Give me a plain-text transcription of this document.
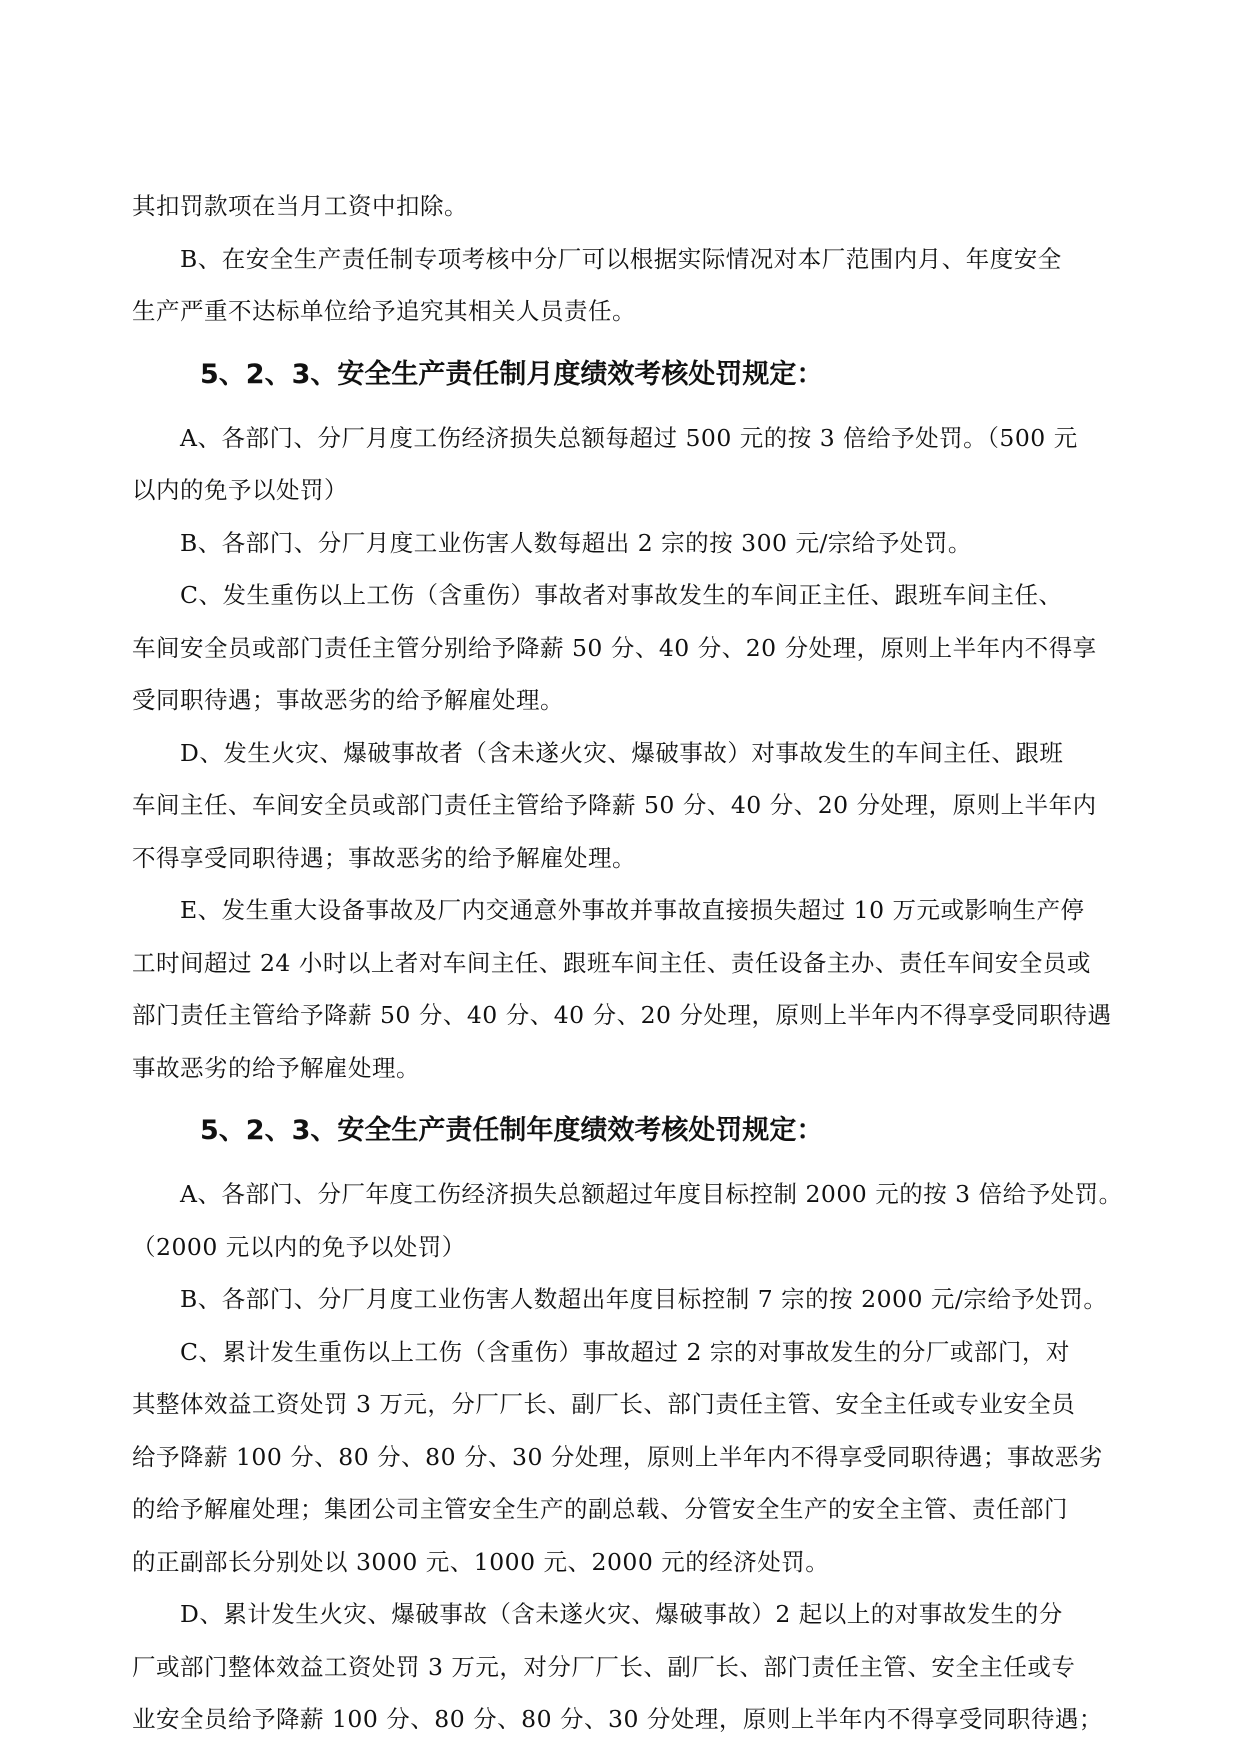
其扣罚款项在当月工资中扣除。

B、在安全生产责任制专项考核中分厂可以根据实际情况对本厂范围内月、年度安全

生产严重不达标单位给予追究其相关人员责任。

5、2、3、安全生产责任制月度绩效考核处罚规定：

A、各部门、分厂月度工伤经济损失总额每超过 500 元的按 3 倍给予处罚。（500 元

以内的免予以处罚）

B、各部门、分厂月度工业伤害人数每超出 2 宗的按 300 元/宗给予处罚。

C、发生重伤以上工伤（含重伤）事故者对事故发生的车间正主任、跟班车间主任、

车间安全员或部门责任主管分别给予降薪 50 分、40 分、20 分处理，原则上半年内不得享

受同职待遇；事故恶劣的给予解雇处理。

D、发生火灾、爆破事故者（含未遂火灾、爆破事故）对事故发生的车间主任、跟班

车间主任、车间安全员或部门责任主管给予降薪 50 分、40 分、20 分处理，原则上半年内

不得享受同职待遇；事故恶劣的给予解雇处理。

E、发生重大设备事故及厂内交通意外事故并事故直接损失超过 10 万元或影响生产停

工时间超过 24 小时以上者对车间主任、跟班车间主任、责任设备主办、责任车间安全员或

部门责任主管给予降薪 50 分、40 分、40 分、20 分处理，原则上半年内不得享受同职待遇

事故恶劣的给予解雇处理。

5、2、3、安全生产责任制年度绩效考核处罚规定：

A、各部门、分厂年度工伤经济损失总额超过年度目标控制 2000 元的按 3 倍给予处罚。

（2000 元以内的免予以处罚）

B、各部门、分厂月度工业伤害人数超出年度目标控制 7 宗的按 2000 元/宗给予处罚。

C、累计发生重伤以上工伤（含重伤）事故超过 2 宗的对事故发生的分厂或部门，对

其整体效益工资处罚 3 万元，分厂厂长、副厂长、部门责任主管、安全主任或专业安全员

给予降薪 100 分、80 分、80 分、30 分处理，原则上半年内不得享受同职待遇；事故恶劣

的给予解雇处理；集团公司主管安全生产的副总载、分管安全生产的安全主管、责任部门

的正副部长分别处以 3000 元、1000 元、2000 元的经济处罚。

D、累计发生火灾、爆破事故（含未遂火灾、爆破事故）2 起以上的对事故发生的分

厂或部门整体效益工资处罚 3 万元，对分厂厂长、副厂长、部门责任主管、安全主任或专

业安全员给予降薪 100 分、80 分、80 分、30 分处理，原则上半年内不得享受同职待遇；
